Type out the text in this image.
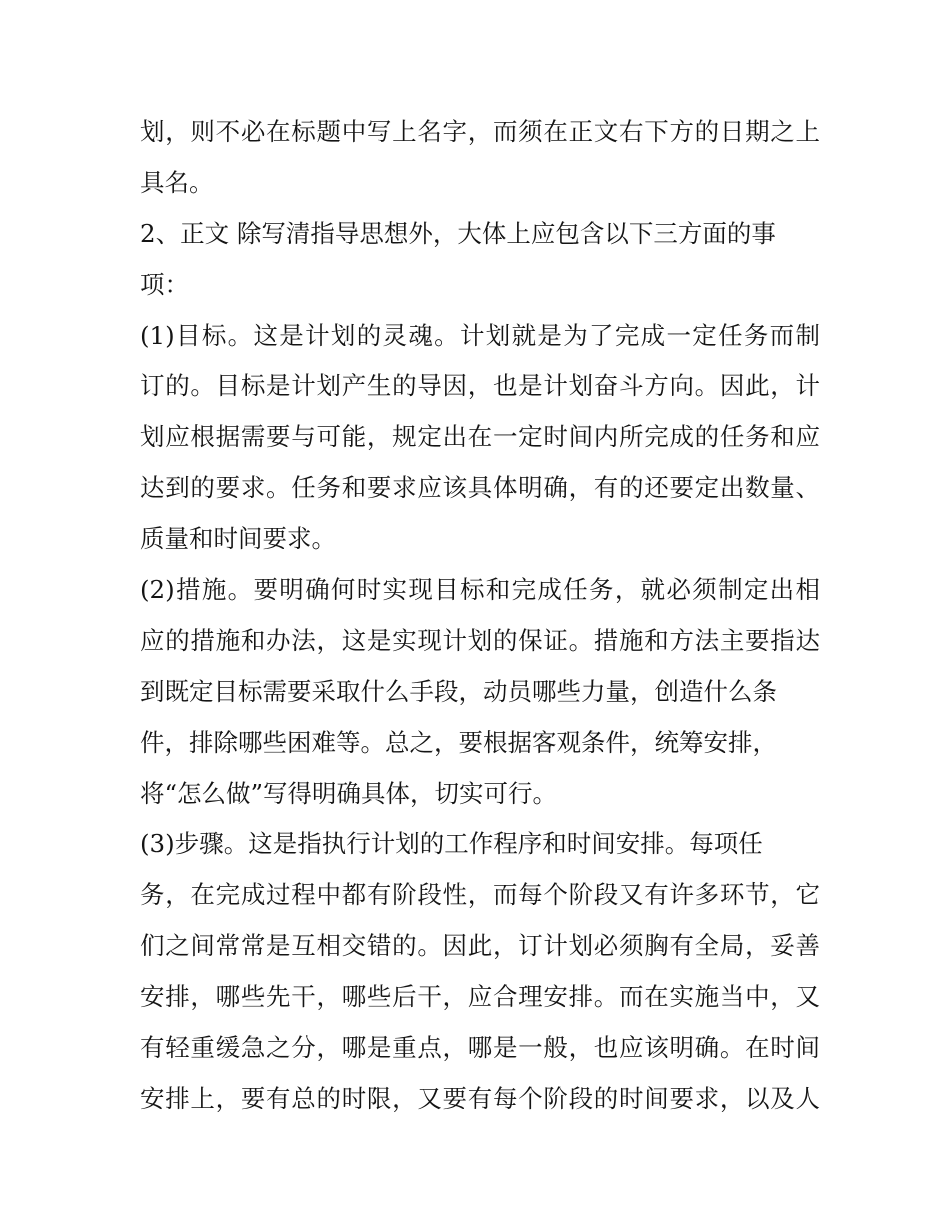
划，则不必在标题中写上名字，而须在正文右下方的日期之上
具名。
2、正文 除写清指导思想外，大体上应包含以下三方面的事
项：
(1)目标。这是计划的灵魂。计划就是为了完成一定任务而制
订的。目标是计划产生的导因，也是计划奋斗方向。因此，计
划应根据需要与可能，规定出在一定时间内所完成的任务和应
达到的要求。任务和要求应该具体明确，有的还要定出数量、
质量和时间要求。
(2)措施。要明确何时实现目标和完成任务，就必须制定出相
应的措施和办法，这是实现计划的保证。措施和方法主要指达
到既定目标需要采取什么手段，动员哪些力量，创造什么条
件，排除哪些困难等。总之，要根据客观条件，统筹安排，
将“怎么做”写得明确具体，切实可行。
(3)步骤。这是指执行计划的工作程序和时间安排。每项任
务，在完成过程中都有阶段性，而每个阶段又有许多环节，它
们之间常常是互相交错的。因此，订计划必须胸有全局，妥善
安排，哪些先干，哪些后干，应合理安排。而在实施当中，又
有轻重缓急之分，哪是重点，哪是一般，也应该明确。在时间
安排上，要有总的时限，又要有每个阶段的时间要求，以及人
